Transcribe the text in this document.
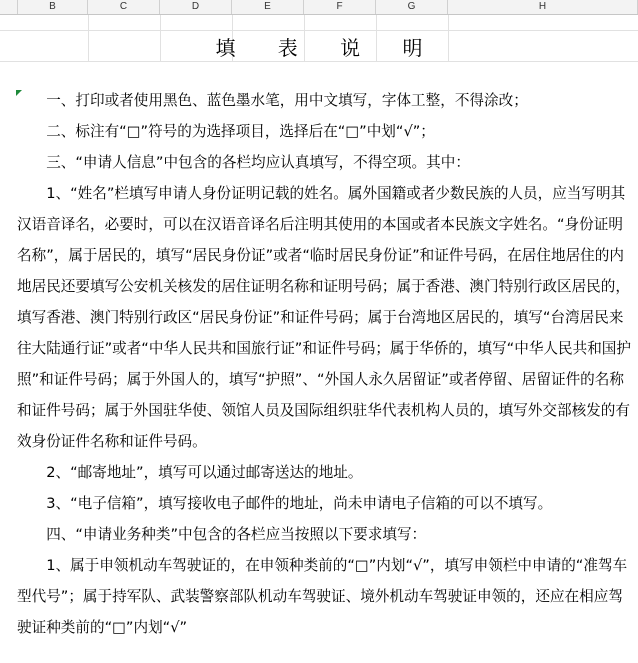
B	C	D	E	F	G	H
填 表 说 明

一、打印或者使用黑色、蓝色墨水笔，用中文填写，字体工整，不得涂改；

二、标注有“□”符号的为选择项目，选择后在“□”中划“√”；

三、“申请人信息”中包含的各栏均应认真填写，不得空项。其中：

1、“姓名”栏填写申请人身份证明记载的姓名。属外国籍或者少数民族的人员，应当写明其汉语音译名，必要时，可以在汉语音译名后注明其使用的本国或者本民族文字姓名。“身份证明名称”，属于居民的，填写“居民身份证”或者“临时居民身份证”和证件号码，在居住地居住的内地居民还要填写公安机关核发的居住证明名称和证明号码；属于香港、澳门特别行政区居民的，填写香港、澳门特别行政区“居民身份证”和证件号码；属于台湾地区居民的，填写“台湾居民来往大陆通行证”或者“中华人民共和国旅行证”和证件号码；属于华侨的，填写“中华人民共和国护照”和证件号码；属于外国人的，填写“护照”、“外国人永久居留证”或者停留、居留证件的名称和证件号码；属于外国驻华使、领馆人员及国际组织驻华代表机构人员的，填写外交部核发的有效身份证件名称和证件号码。

2、“邮寄地址”，填写可以通过邮寄送达的地址。

3、“电子信箱”，填写接收电子邮件的地址，尚未申请电子信箱的可以不填写。

四、“申请业务种类”中包含的各栏应当按照以下要求填写：

1、属于申领机动车驾驶证的，在申领种类前的“□”内划“√”，填写申领栏中申请的“准驾车型代号”；属于持军队、武装警察部队机动车驾驶证、境外机动车驾驶证申领的，还应在相应驾驶证种类前的“□”内划“√”
